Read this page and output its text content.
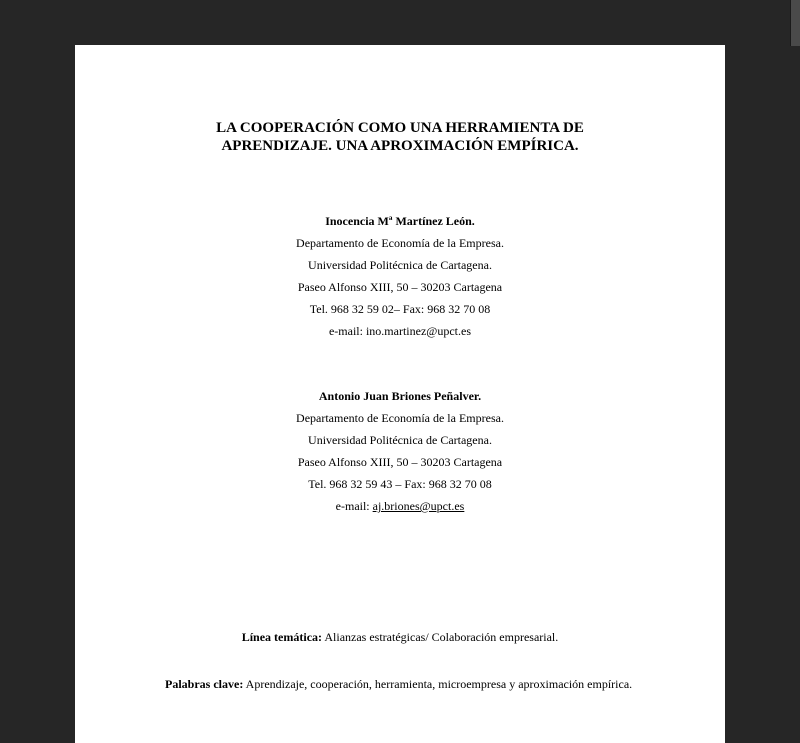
LA COOPERACIÓN COMO UNA HERRAMIENTA DE
APRENDIZAJE. UNA APROXIMACIÓN EMPÍRICA.
Inocencia Mª Martínez León.
Departamento de Economía de la Empresa.
Universidad Politécnica de Cartagena.
Paseo Alfonso XIII, 50 – 30203 Cartagena
Tel. 968 32 59 02– Fax: 968 32 70 08
e-mail: ino.martinez@upct.es
Antonio Juan Briones Peñalver.
Departamento de Economía de la Empresa.
Universidad Politécnica de Cartagena.
Paseo Alfonso XIII, 50 – 30203 Cartagena
Tel. 968 32 59 43 – Fax: 968 32 70 08
e-mail: aj.briones@upct.es
Línea temática: Alianzas estratégicas/ Colaboración empresarial.
Palabras clave: Aprendizaje, cooperación, herramienta, microempresa y aproximación empírica.
